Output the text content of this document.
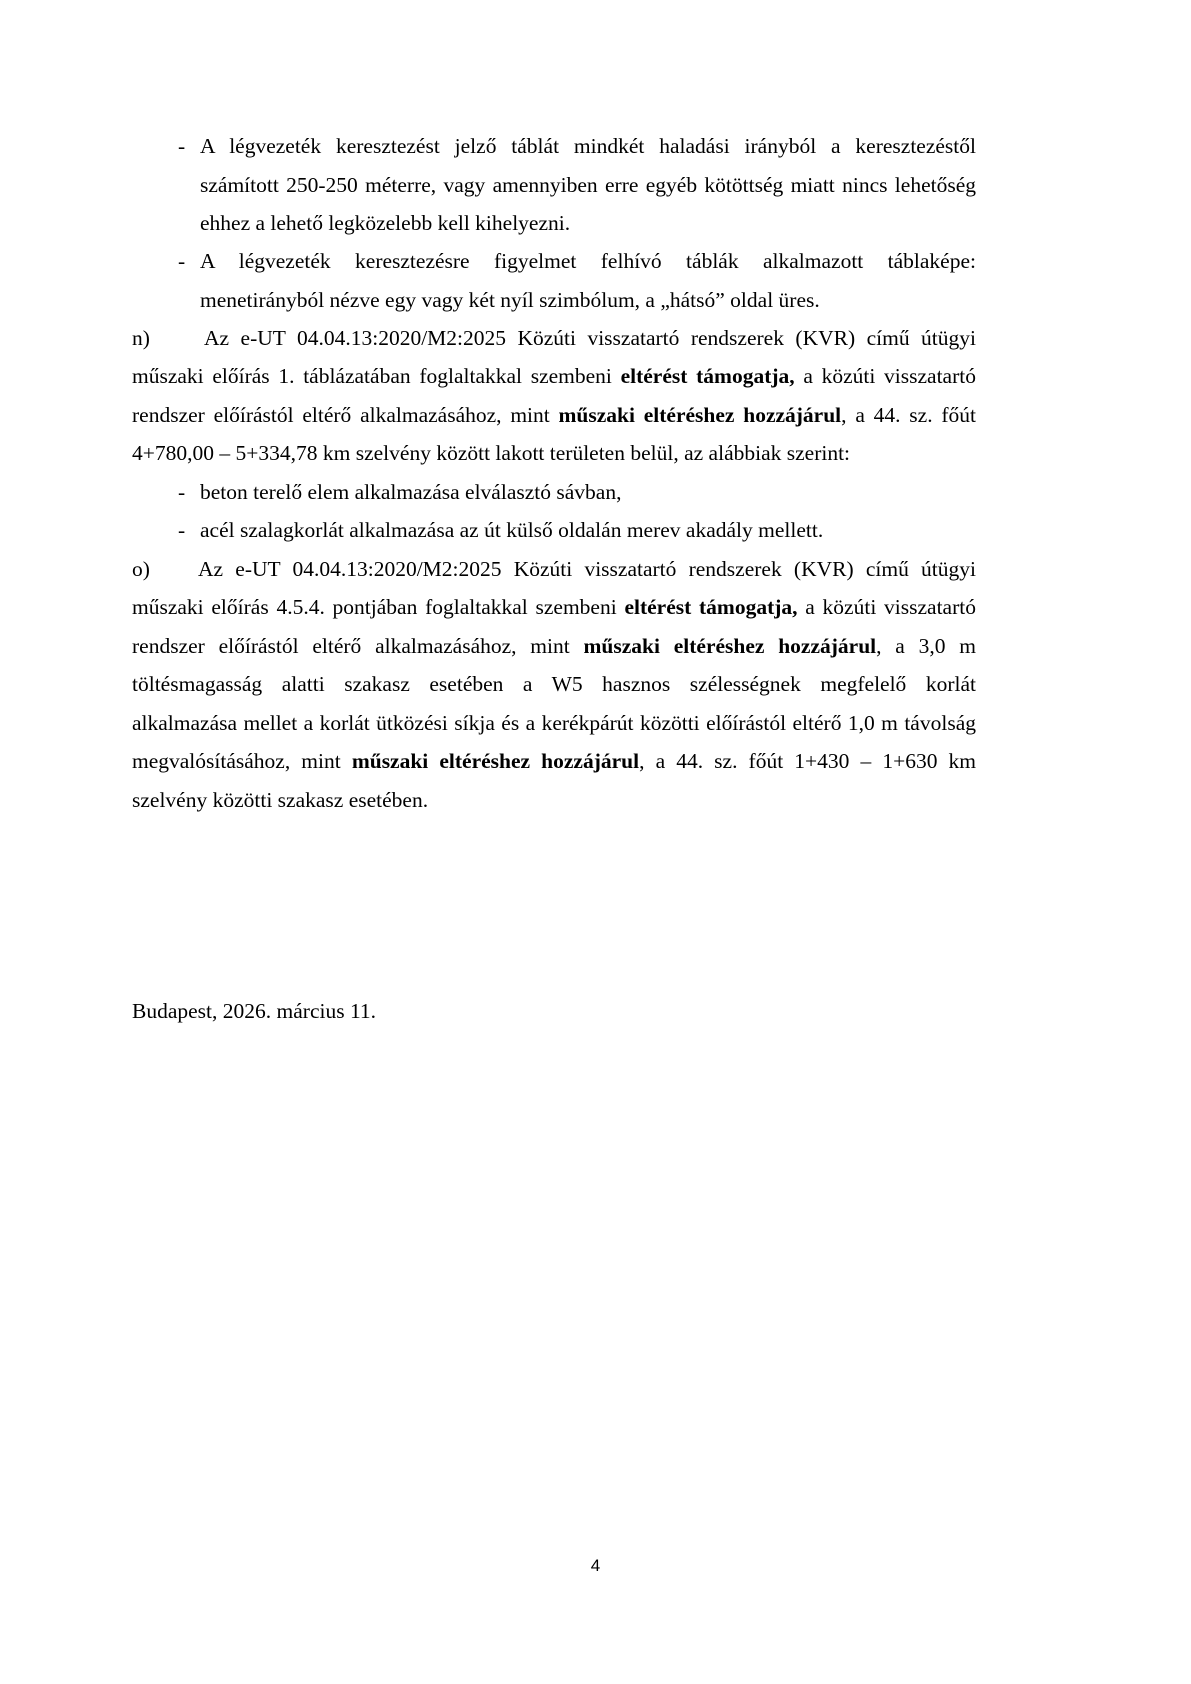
- A légvezeték keresztezést jelző táblát mindkét haladási irányból a keresztezéstől
számított 250-250 méterre, vagy amennyiben erre egyéb kötöttség miatt nincs lehetőség
ehhez a lehető legközelebb kell kihelyezni.
- A légvezeték keresztezésre figyelmet felhívó táblák alkalmazott táblaképe:
menetirányból nézve egy vagy két nyíl szimbólum, a „hátsó” oldal üres.
n)	Az e-UT 04.04.13:2020/M2:2025 Közúti visszatartó rendszerek (KVR) című útügyi
műszaki előírás 1. táblázatában foglaltakkal szembeni eltérést támogatja, a közúti visszatartó
rendszer előírástól eltérő alkalmazásához, mint műszaki eltéréshez hozzájárul, a 44. sz. főút
4+780,00 – 5+334,78 km szelvény között lakott területen belül, az alábbiak szerint:
- beton terelő elem alkalmazása elválasztó sávban,
- acél szalagkorlát alkalmazása az út külső oldalán merev akadály mellett.
o) Az e-UT 04.04.13:2020/M2:2025 Közúti visszatartó rendszerek (KVR) című útügyi
műszaki előírás 4.5.4. pontjában foglaltakkal szembeni eltérést támogatja, a közúti visszatartó
rendszer előírástól eltérő alkalmazásához, mint műszaki eltéréshez hozzájárul, a 3,0 m
töltésmagasság alatti szakasz esetében a W5 hasznos szélességnek megfelelő korlát
alkalmazása mellet a korlát ütközési síkja és a kerékpárút közötti előírástól eltérő 1,0 m távolság
megvalósításához, mint műszaki eltéréshez hozzájárul, a 44. sz. főút 1+430 – 1+630 km
szelvény közötti szakasz esetében.
Budapest, 2026. március 11.
4
